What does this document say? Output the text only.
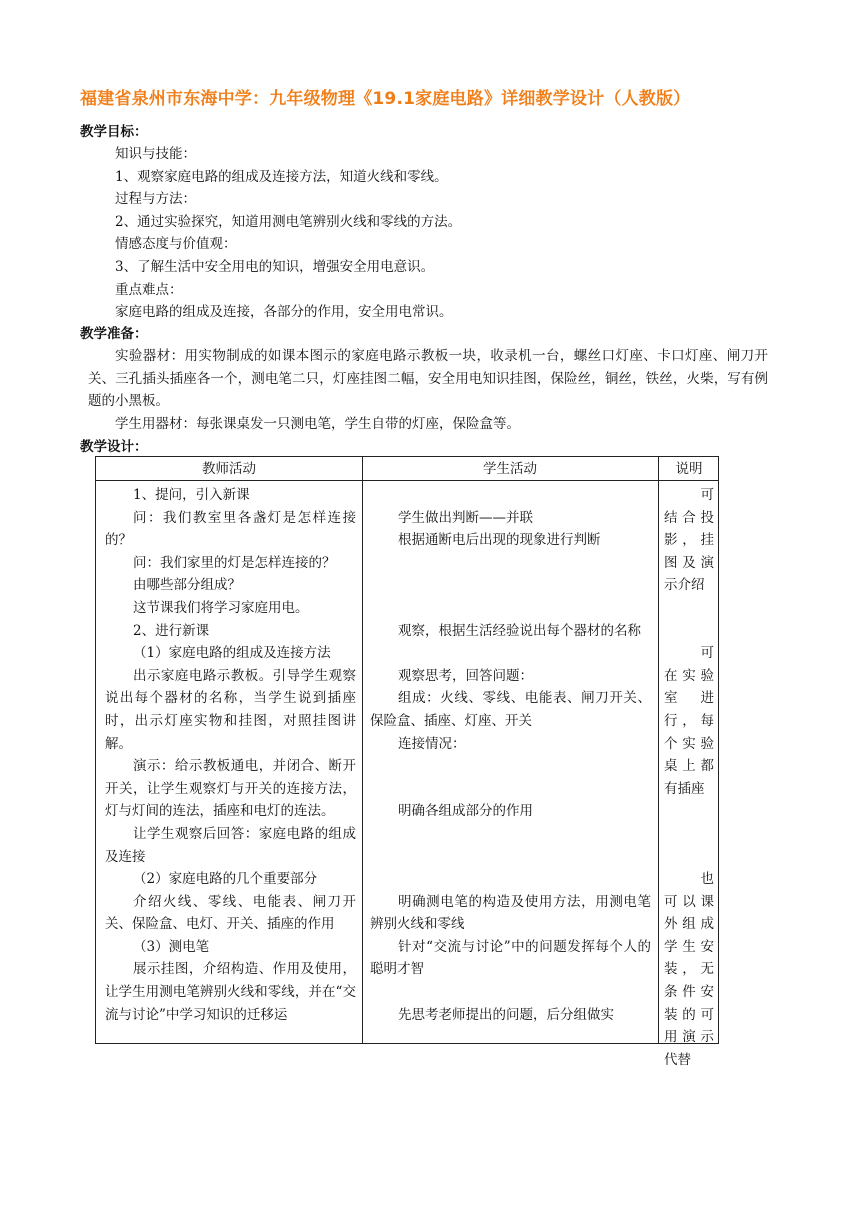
福建省泉州市东海中学：九年级物理《19.1家庭电路》详细教学设计（人教版）
教学目标：
知识与技能：
1、观察家庭电路的组成及连接方法，知道火线和零线。
过程与方法：
2、通过实验探究，知道用测电笔辨别火线和零线的方法。
情感态度与价值观：
3、了解生活中安全用电的知识，增强安全用电意识。
重点难点：
家庭电路的组成及连接，各部分的作用，安全用电常识。
教学准备：
实验器材：用实物制成的如课本图示的家庭电路示教板一块，收录机一台，螺丝口灯座、卡口灯座、闸刀开关、三孔插头插座各一个，测电笔二只，灯座挂图二幅，安全用电知识挂图，保险丝，铜丝，铁丝，火柴，写有例题的小黑板。
学生用器材：每张课桌发一只测电笔，学生自带的灯座，保险盒等。
教学设计：
教师活动	学生活动	说明

1、提问，引入新课

问：我们教室里各盏灯是怎样连接的？

问：我们家里的灯是怎样连接的？

由哪些部分组成？

这节课我们将学习家庭用电。

2、进行新课

（1）家庭电路的组成及连接方法

出示家庭电路示教板。引导学生观察说出每个器材的名称，当学生说到插座时，出示灯座实物和挂图，对照挂图讲解。

演示：给示教板通电，并闭合、断开开关，让学生观察灯与开关的连接方法，灯与灯间的连法，插座和电灯的连法。

让学生观察后回答：家庭电路的组成及连接

（2）家庭电路的几个重要部分

介绍火线、零线、电能表、闸刀开关、保险盒、电灯、开关、插座的作用

（3）测电笔

展示挂图，介绍构造、作用及使用，让学生用测电笔辨别火线和零线，并在“交流与讨论”中学习知识的迁移运

学生做出判断——并联

根据通断电后出现的现象进行判断

观察，根据生活经验说出每个器材的名称

观察思考，回答问题：

组成：火线、零线、电能表、闸刀开关、保险盒、插座、灯座、开关

连接情况：

明确各组成部分的作用

明确测电笔的构造及使用方法，用测电笔辨别火线和零线

针对“交流与讨论”中的问题发挥每个人的聪明才智

先思考老师提出的问题，后分组做实

可

结合投影，挂图及演示介绍

可

在实验室　进行，每个实验桌上都有插座

也

可以课外组成学生安装，无条件安装的可用演示代替
